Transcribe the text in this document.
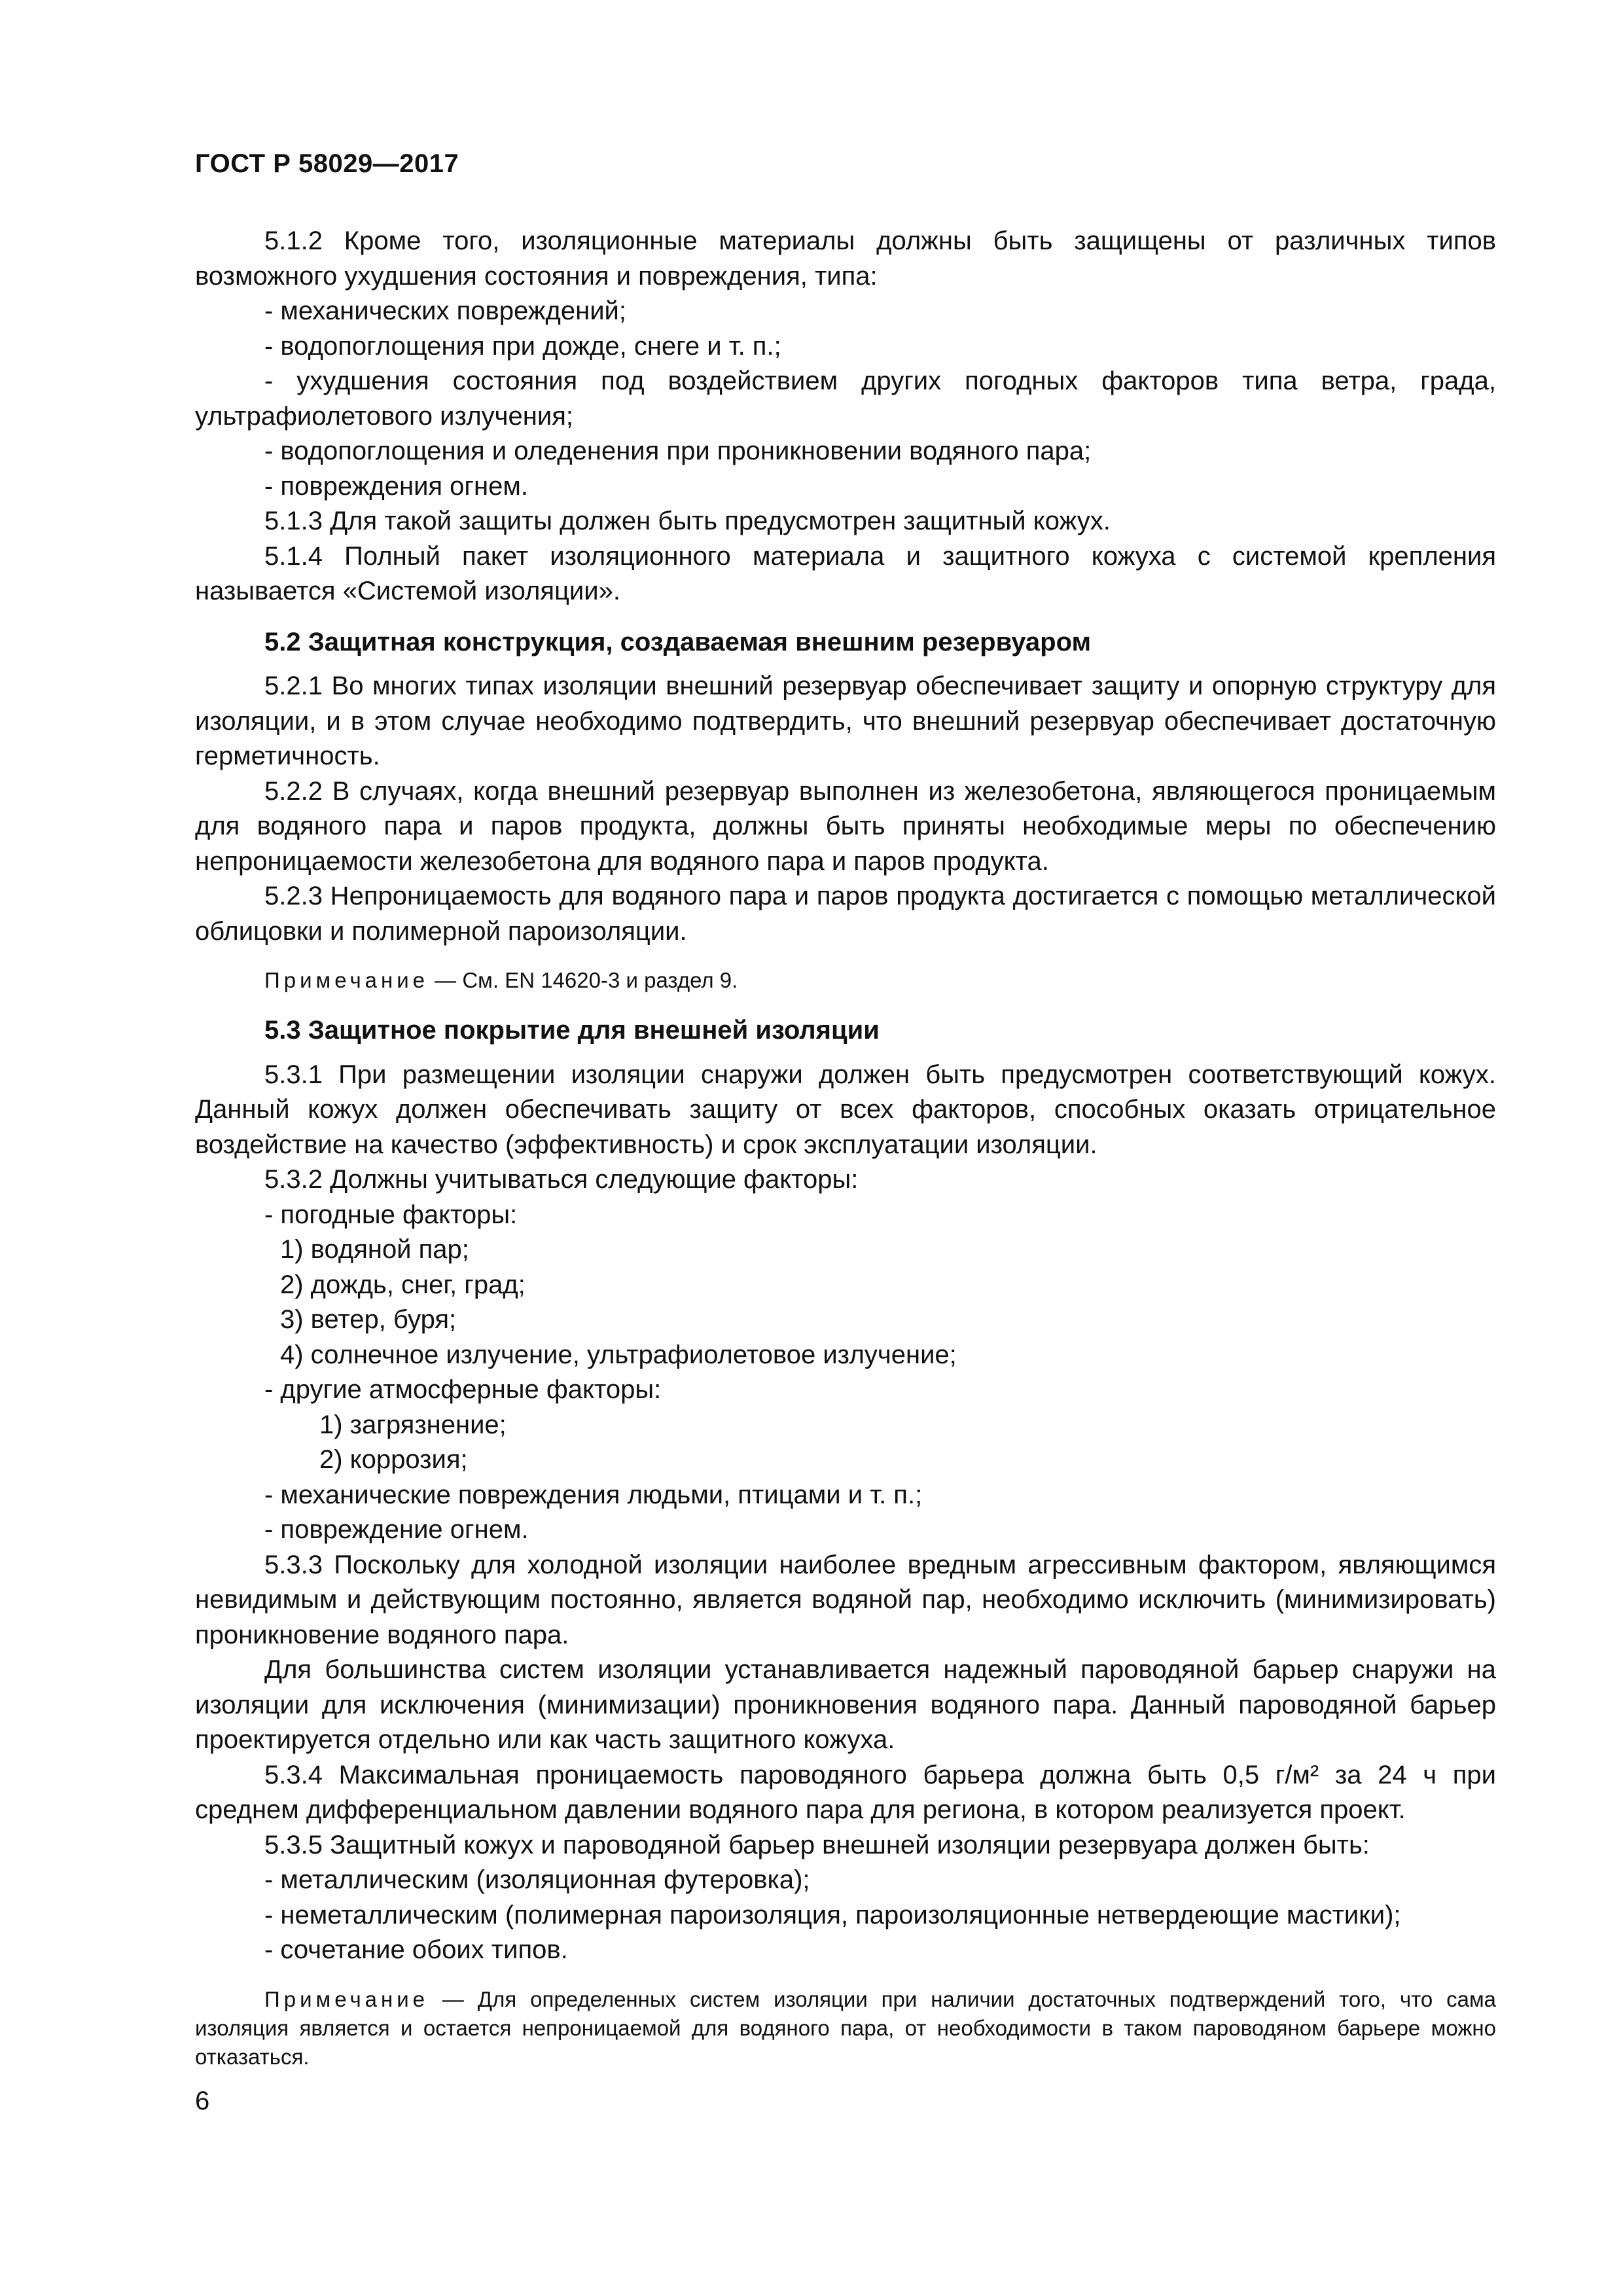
ГОСТ Р 58029—2017

5.1.2 Кроме того, изоляционные материалы должны быть защищены от различных типов возможного ухудшения состояния и повреждения, типа:

- механических повреждений;

- водопоглощения при дожде, снеге и т. п.;

- ухудшения состояния под воздействием других погодных факторов типа ветра, града, ультрафиолетового излучения;

- водопоглощения и оледенения при проникновении водяного пара;

- повреждения огнем.

5.1.3 Для такой защиты должен быть предусмотрен защитный кожух.

5.1.4 Полный пакет изоляционного материала и защитного кожуха с системой крепления называется «Системой изоляции».

5.2 Защитная конструкция, создаваемая внешним резервуаром

5.2.1 Во многих типах изоляции внешний резервуар обеспечивает защиту и опорную структуру для изоляции, и в этом случае необходимо подтвердить, что внешний резервуар обеспечивает достаточную герметичность.

5.2.2 В случаях, когда внешний резервуар выполнен из железобетона, являющегося проницаемым для водяного пара и паров продукта, должны быть приняты необходимые меры по обеспечению непроницаемости железобетона для водяного пара и паров продукта.

5.2.3 Непроницаемость для водяного пара и паров продукта достигается с помощью металлической облицовки и полимерной пароизоляции.

Примечание — См. EN 14620-3 и раздел 9.

5.3 Защитное покрытие для внешней изоляции

5.3.1 При размещении изоляции снаружи должен быть предусмотрен соответствующий кожух. Данный кожух должен обеспечивать защиту от всех факторов, способных оказать отрицательное воздействие на качество (эффективность) и срок эксплуатации изоляции.

5.3.2 Должны учитываться следующие факторы:

- погодные факторы:

1) водяной пар;

2) дождь, снег, град;

3) ветер, буря;

4) солнечное излучение, ультрафиолетовое излучение;

- другие атмосферные факторы:

1) загрязнение;

2) коррозия;

- механические повреждения людьми, птицами и т. п.;

- повреждение огнем.

5.3.3 Поскольку для холодной изоляции наиболее вредным агрессивным фактором, являющимся невидимым и действующим постоянно, является водяной пар, необходимо исключить (минимизировать) проникновение водяного пара.

Для большинства систем изоляции устанавливается надежный пароводяной барьер снаружи на изоляции для исключения (минимизации) проникновения водяного пара. Данный пароводяной барьер проектируется отдельно или как часть защитного кожуха.

5.3.4 Максимальная проницаемость пароводяного барьера должна быть 0,5 г/м² за 24 ч при среднем дифференциальном давлении водяного пара для региона, в котором реализуется проект.

5.3.5 Защитный кожух и пароводяной барьер внешней изоляции резервуара должен быть:

- металлическим (изоляционная футеровка);

- неметаллическим (полимерная пароизоляция, пароизоляционные нетвердеющие мастики);

- сочетание обоих типов.

Примечание — Для определенных систем изоляции при наличии достаточных подтверждений того, что сама изоляция является и остается непроницаемой для водяного пара, от необходимости в таком пароводяном барьере можно отказаться.

6
